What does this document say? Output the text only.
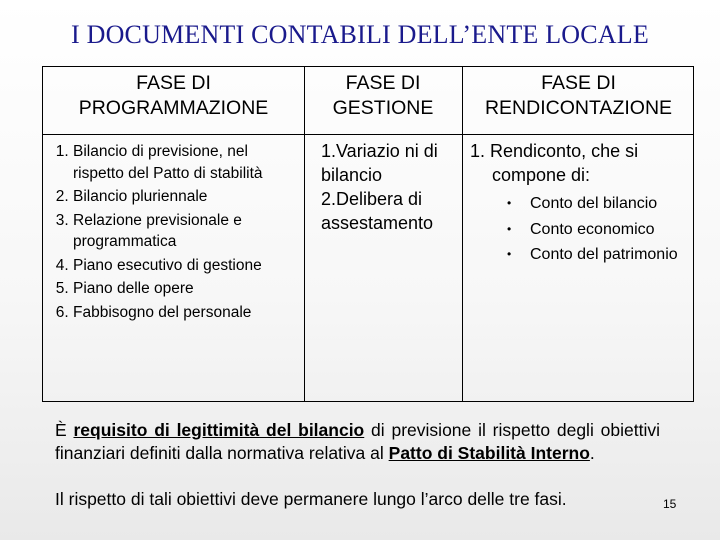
I DOCUMENTI CONTABILI DELL’ENTE LOCALE
FASE DI
PROGRAMMAZIONE
FASE DI
GESTIONE
FASE DI
RENDICONTAZIONE
1. Bilancio di previsione, nel rispetto del Patto di stabilità
2. Bilancio pluriennale
3. Relazione previsionale e programmatica
4. Piano esecutivo di gestione
5. Piano delle opere
6. Fabbisogno del personale
1.Variazio ni di bilancio
2.Delibera di assestamento
1. Rendiconto, che si compone di:
• Conto del bilancio
• Conto economico
• Conto del patrimonio
È requisito di legittimità del bilancio di previsione il rispetto degli obiettivi finanziari definiti dalla normativa relativa al Patto di Stabilità Interno.
Il rispetto di tali obiettivi deve permanere lungo l’arco delle tre fasi.	15
